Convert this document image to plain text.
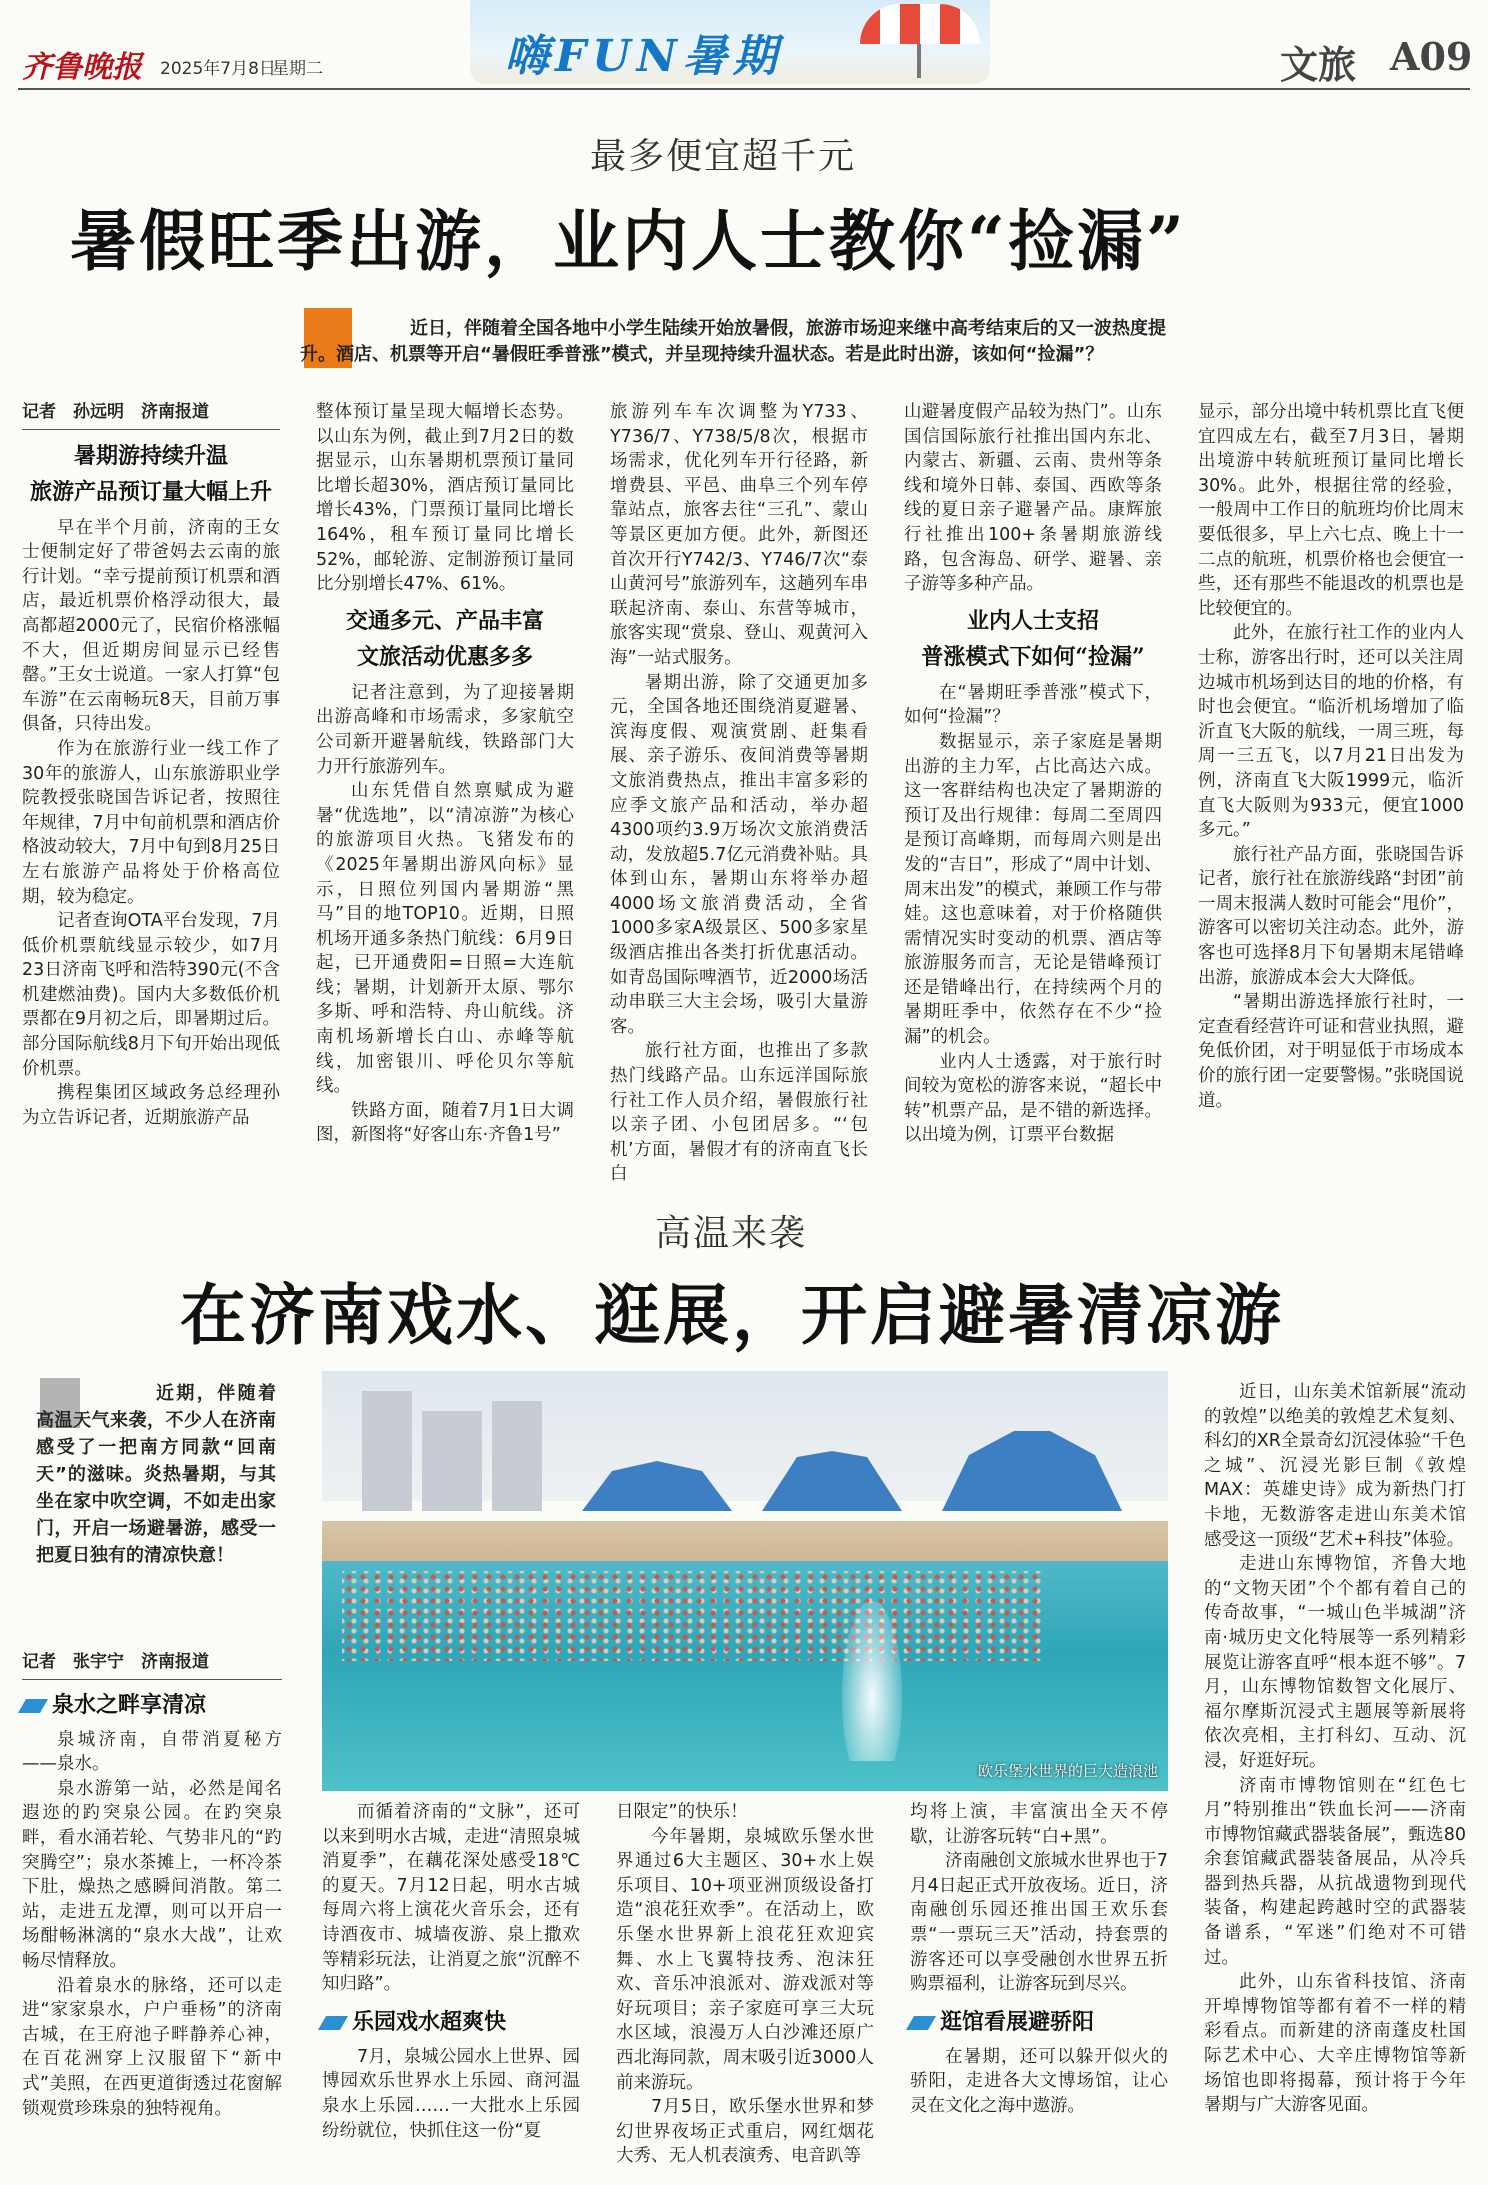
齐鲁晚报 2025年7月8日
星期二	嗨FUN暑期	文旅 A09
最多便宜超千元
暑假旺季出游，业内人士教你“捡漏”
近日，伴随着全国各地中小学生陆续开始放暑假，旅游市场迎来继中高考结束后的又一波热度提升。酒店、机票等开启“暑假旺季普涨”模式，并呈现持续升温状态。若是此时出游，该如何“捡漏”？
记者　孙远明　济南报道
暑期游持续升温
旅游产品预订量大幅上升

早在半个月前，济南的王女士便制定好了带爸妈去云南的旅行计划。“幸亏提前预订机票和酒店，最近机票价格浮动很大，最高都超2000元了，民宿价格涨幅不大，但近期房间显示已经售罄。”王女士说道。一家人打算“包车游”在云南畅玩8天，目前万事俱备，只待出发。

作为在旅游行业一线工作了30年的旅游人，山东旅游职业学院教授张晓国告诉记者，按照往年规律，7月中旬前机票和酒店价格波动较大，7月中旬到8月25日左右旅游产品将处于价格高位期，较为稳定。

记者查询OTA平台发现，7月低价机票航线显示较少，如7月23日济南飞呼和浩特390元(不含机建燃油费)。国内大多数低价机票都在9月初之后，即暑期过后。部分国际航线8月下旬开始出现低价机票。

携程集团区域政务总经理孙为立告诉记者，近期旅游产品

整体预订量呈现大幅增长态势。以山东为例，截止到7月2日的数据显示，山东暑期机票预订量同比增长超30%，酒店预订量同比增长43%，门票预订量同比增长164%，租车预订量同比增长52%，邮轮游、定制游预订量同比分别增长47%、61%。

交通多元、产品丰富
文旅活动优惠多多

记者注意到，为了迎接暑期出游高峰和市场需求，多家航空公司新开避暑航线，铁路部门大力开行旅游列车。

山东凭借自然禀赋成为避暑“优选地”，以“清凉游”为核心的旅游项目火热。飞猪发布的《2025年暑期出游风向标》显示，日照位列国内暑期游“黑马”目的地TOP10。近期，日照机场开通多条热门航线：6月9日起，已开通费阳=日照=大连航线；暑期，计划新开太原、鄂尔多斯、呼和浩特、舟山航线。济南机场新增长白山、赤峰等航线，加密银川、呼伦贝尔等航线。

铁路方面，随着7月1日大调图，新图将“好客山东·齐鲁1号”

旅游列车车次调整为Y733、Y736/7、Y738/5/8次，根据市场需求，优化列车开行径路，新增费县、平邑、曲阜三个列车停靠站点，旅客去往“三孔”、蒙山等景区更加方便。此外，新图还首次开行Y742/3、Y746/7次“泰山黄河号”旅游列车，这趟列车串联起济南、泰山、东营等城市，旅客实现“赏泉、登山、观黄河入海”一站式服务。

暑期出游，除了交通更加多元，全国各地还围绕消夏避暑、滨海度假、观演赏剧、赶集看展、亲子游乐、夜间消费等暑期文旅消费热点，推出丰富多彩的应季文旅产品和活动，举办超4300项约3.9万场次文旅消费活动，发放超5.7亿元消费补贴。具体到山东，暑期山东将举办超4000场文旅消费活动，全省1000多家A级景区、500多家星级酒店推出各类打折优惠活动。如青岛国际啤酒节，近2000场活动串联三大主会场，吸引大量游客。

旅行社方面，也推出了多款热门线路产品。山东远洋国际旅行社工作人员介绍，暑假旅行社以亲子团、小包团居多。“‘包机’方面，暑假才有的济南直飞长白

山避暑度假产品较为热门”。山东国信国际旅行社推出国内东北、内蒙古、新疆、云南、贵州等条线和境外日韩、泰国、西欧等条线的夏日亲子避暑产品。康辉旅行社推出100+条暑期旅游线路，包含海岛、研学、避暑、亲子游等多种产品。

业内人士支招
普涨模式下如何“捡漏”

在“暑期旺季普涨”模式下，如何“捡漏”？

数据显示，亲子家庭是暑期出游的主力军，占比高达六成。这一客群结构也决定了暑期游的预订及出行规律：每周二至周四是预订高峰期，而每周六则是出发的“吉日”，形成了“周中计划、周末出发”的模式，兼顾工作与带娃。这也意味着，对于价格随供需情况实时变动的机票、酒店等旅游服务而言，无论是错峰预订还是错峰出行，在持续两个月的暑期旺季中，依然存在不少“捡漏”的机会。

业内人士透露，对于旅行时间较为宽松的游客来说，“超长中转”机票产品，是不错的新选择。以出境为例，订票平台数据

显示，部分出境中转机票比直飞便宜四成左右，截至7月3日，暑期出境游中转航班预订量同比增长30%。此外，根据往常的经验，一般周中工作日的航班均价比周末要低很多，早上六七点、晚上十一二点的航班，机票价格也会便宜一些，还有那些不能退改的机票也是比较便宜的。

此外，在旅行社工作的业内人士称，游客出行时，还可以关注周边城市机场到达目的地的价格，有时也会便宜。“临沂机场增加了临沂直飞大阪的航线，一周三班，每周一三五飞，以7月21日出发为例，济南直飞大阪1999元，临沂直飞大阪则为933元，便宜1000多元。”

旅行社产品方面，张晓国告诉记者，旅行社在旅游线路“封团”前一周末报满人数时可能会“甩价”，游客可以密切关注动态。此外，游客也可选择8月下旬暑期末尾错峰出游，旅游成本会大大降低。

“暑期出游选择旅行社时，一定查看经营许可证和营业执照，避免低价团，对于明显低于市场成本价的旅行团一定要警惕。”张晓国说道。

高温来袭
在济南戏水、逛展，开启避暑清凉游
近期，伴随着高温天气来袭，不少人在济南感受了一把南方同款“回南天”的滋味。炎热暑期，与其坐在家中吹空调，不如走出家门，开启一场避暑游，感受一把夏日独有的清凉快意！
记者　张宇宁　济南报道
泉水之畔享清凉

泉城济南，自带消夏秘方——泉水。

泉水游第一站，必然是闻名遐迩的趵突泉公园。在趵突泉畔，看水涌若轮、气势非凡的“趵突腾空”；泉水茶摊上，一杯冷茶下肚，燥热之感瞬间消散。第二站，走进五龙潭，则可以开启一场酣畅淋漓的“泉水大战”，让欢畅尽情释放。

沿着泉水的脉络，还可以走进“家家泉水，户户垂杨”的济南古城，在王府池子畔静养心神，在百花洲穿上汉服留下“新中式”美照，在西更道街透过花窗解锁观赏珍珠泉的独特视角。

欧乐堡水世界的巨大造浪池

而循着济南的“文脉”，还可以来到明水古城，走进“清照泉城消夏季”，在藕花深处感受18℃的夏天。7月12日起，明水古城每周六将上演花火音乐会，还有诗酒夜市、城墙夜游、泉上撒欢等精彩玩法，让消夏之旅“沉醉不知归路”。

乐园戏水超爽快

7月，泉城公园水上世界、园博园欢乐世界水上乐园、商河温泉水上乐园……一大批水上乐园纷纷就位，快抓住这一份“夏

日限定”的快乐！

今年暑期，泉城欧乐堡水世界通过6大主题区、30+水上娱乐项目、10+项亚洲顶级设备打造“浪花狂欢季”。在活动上，欧乐堡水世界新上浪花狂欢迎宾舞、水上飞翼特技秀、泡沫狂欢、音乐冲浪派对、游戏派对等好玩项目；亲子家庭可享三大玩水区域，浪漫万人白沙滩还原广西北海同款，周末吸引近3000人前来游玩。

7月5日，欧乐堡水世界和梦幻世界夜场正式重启，网红烟花大秀、无人机表演秀、电音趴等

均将上演，丰富演出全天不停歇，让游客玩转“白+黑”。

济南融创文旅城水世界也于7月4日起正式开放夜场。近日，济南融创乐园还推出国王欢乐套票“一票玩三天”活动，持套票的游客还可以享受融创水世界五折购票福利，让游客玩到尽兴。

逛馆看展避骄阳

在暑期，还可以躲开似火的骄阳，走进各大文博场馆，让心灵在文化之海中遨游。

近日，山东美术馆新展“流动的敦煌”以绝美的敦煌艺术复刻、科幻的XR全景奇幻沉浸体验“千色之城”、沉浸光影巨制《敦煌MAX：英雄史诗》成为新热门打卡地，无数游客走进山东美术馆感受这一顶级“艺术+科技”体验。

走进山东博物馆，齐鲁大地的“文物天团”个个都有着自己的传奇故事，“一城山色半城湖”济南·城历史文化特展等一系列精彩展览让游客直呼“根本逛不够”。7月，山东博物馆数智文化展厅、福尔摩斯沉浸式主题展等新展将依次亮相，主打科幻、互动、沉浸，好逛好玩。

济南市博物馆则在“红色七月”特别推出“铁血长河——济南市博物馆藏武器装备展”，甄选80余套馆藏武器装备展品，从冷兵器到热兵器，从抗战遗物到现代装备，构建起跨越时空的武器装备谱系，“军迷”们绝对不可错过。

此外，山东省科技馆、济南开埠博物馆等都有着不一样的精彩看点。而新建的济南蓬皮杜国际艺术中心、大辛庄博物馆等新场馆也即将揭幕，预计将于今年暑期与广大游客见面。
